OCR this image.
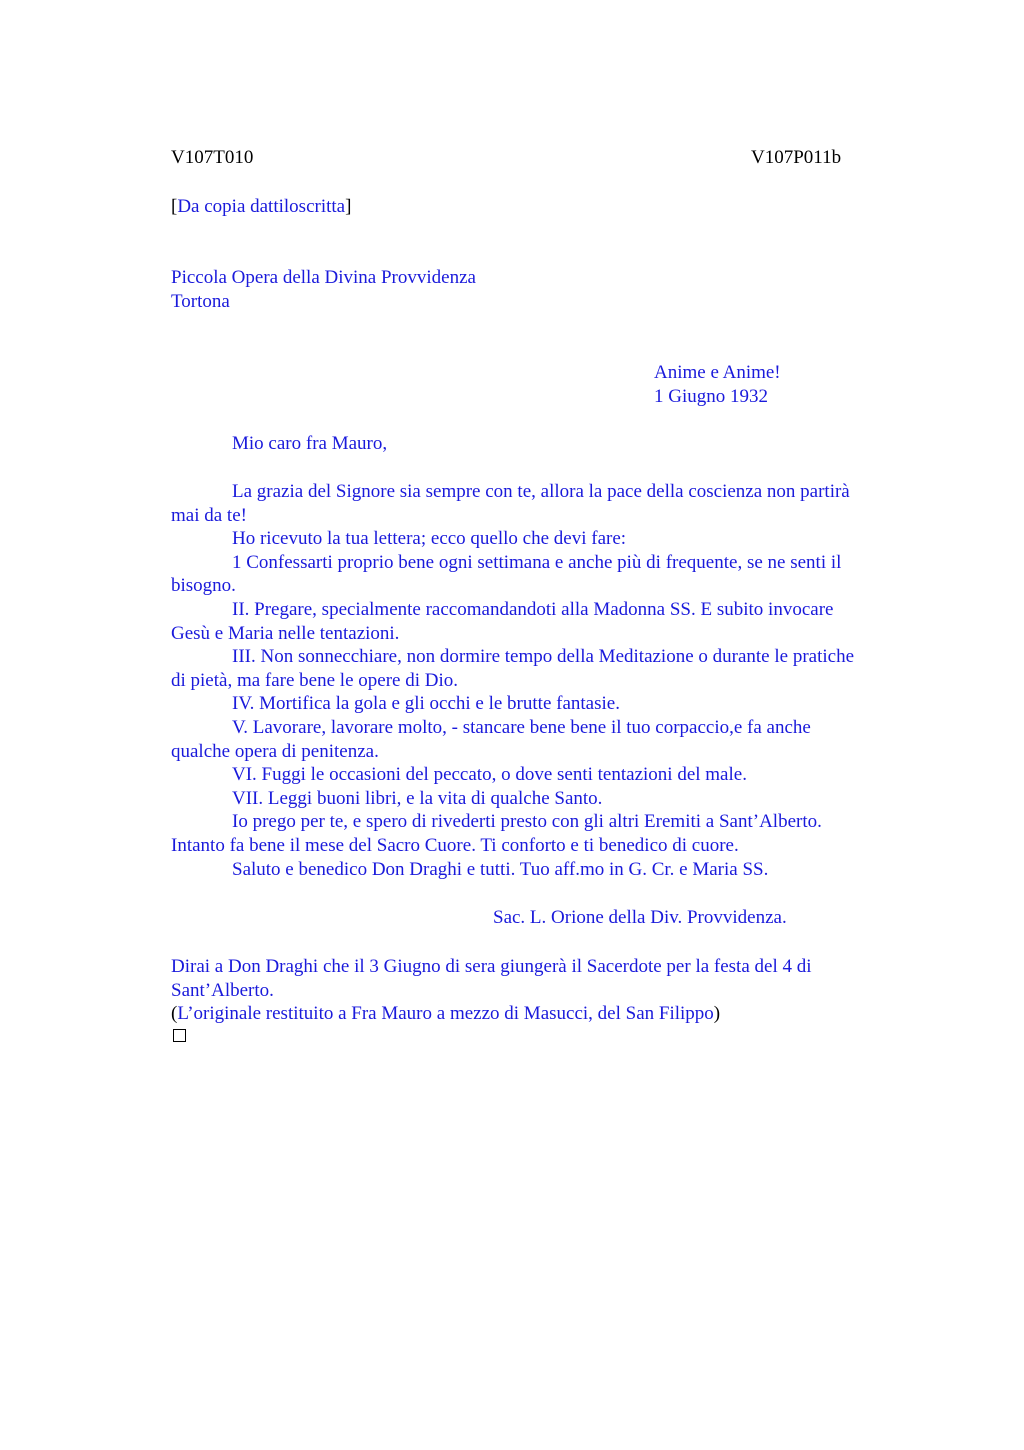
V107T010	V107P011b
[Da copia dattiloscritta]
Piccola Opera della Divina Provvidenza
Tortona
Anime e Anime!
1 Giugno 1932
Mio caro fra Mauro,
La grazia del Signore sia sempre con te, allora la pace della coscienza non partirà
mai da te!
Ho ricevuto la tua lettera; ecco quello che devi fare:
1 Confessarti proprio bene ogni settimana e anche più di frequente, se ne senti il
bisogno.
II. Pregare, specialmente raccomandandoti alla Madonna SS. E subito invocare
Gesù e Maria nelle tentazioni.
III. Non sonnecchiare, non dormire tempo della Meditazione o durante le pratiche
di pietà, ma fare bene le opere di Dio.
IV. Mortifica la gola e gli occhi e le brutte fantasie.
V. Lavorare, lavorare molto, - stancare bene bene il tuo corpaccio,e fa anche
qualche opera di penitenza.
VI. Fuggi le occasioni del peccato, o dove senti tentazioni del male.
VII. Leggi buoni libri, e la vita di qualche Santo.
Io prego per te, e spero di rivederti presto con gli altri Eremiti a Sant’Alberto.
Intanto fa bene il mese del Sacro Cuore. Ti conforto e ti benedico di cuore.
Saluto e benedico Don Draghi e tutti. Tuo aff.mo in G. Cr. e Maria SS.
Sac. L. Orione della Div. Provvidenza.
Dirai a Don Draghi che il 3 Giugno di sera giungerà il Sacerdote per la festa del 4 di
Sant’Alberto.
(L’originale restituito a Fra Mauro a mezzo di Masucci, del San Filippo)
